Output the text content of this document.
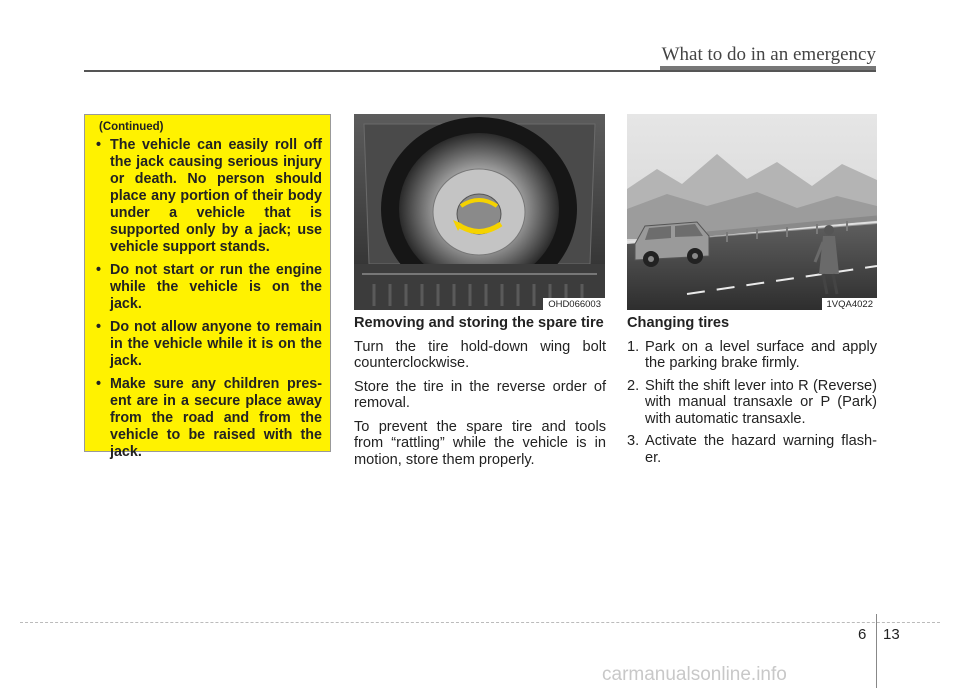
What to do in an emergency
(Continued)
• The vehicle can easily roll off the jack causing serious injury or death. No person should place any portion of their body under a vehicle that is supported only by a jack; use vehicle support stands.
• Do not start or run the engine while the vehicle is on the jack.
• Do not allow anyone to remain in the vehicle while it is on the jack.
• Make sure any children pres-ent are in a secure place away from the road and from the vehicle to be raised with the jack.
OHD066003	1VQA4022
Removing and storing the spare tire

Turn the tire hold-down wing bolt counterclockwise.

Store the tire in the reverse order of removal.

To prevent the spare tire and tools from “rattling” while the vehicle is in motion, store them properly.

Changing tires
1. Park on a level surface and apply the parking brake firmly.
2. Shift the shift lever into R (Reverse) with manual transaxle or P (Park) with automatic transaxle.
3. Activate the hazard warning flash-er.
6 13
carmanualsonline.info
